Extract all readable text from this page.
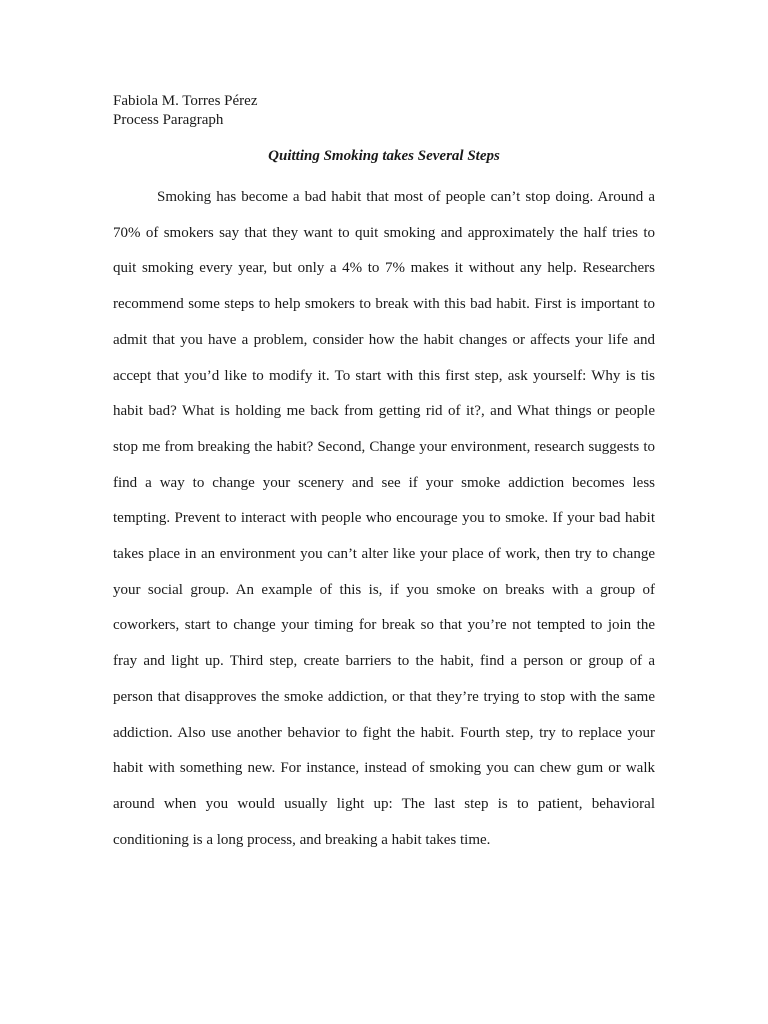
Fabiola M. Torres Pérez
Process Paragraph
Quitting Smoking takes Several Steps

Smoking has become a bad habit that most of people can’t stop doing. Around a 70% of smokers say that they want to quit smoking and approximately the half tries to quit smoking every year, but only a 4% to 7% makes it without any help. Researchers recommend some steps to help smokers to break with this bad habit. First is important to admit that you have a problem, consider how the habit changes or affects your life and accept that you’d like to modify it. To start with this first step, ask yourself: Why is tis habit bad? What is holding me back from getting rid of it?, and What things or people stop me from breaking the habit? Second, Change your environment, research suggests to find a way to change your scenery and see if your smoke addiction becomes less tempting. Prevent to interact with people who encourage you to smoke. If your bad habit takes place in an environment you can’t alter like your place of work, then try to change your social group. An example of this is, if you smoke on breaks with a group of coworkers, start to change your timing for break so that you’re not tempted to join the fray and light up. Third step, create barriers to the habit, find a person or group of a person that disapproves the smoke addiction, or that they’re trying to stop with the same addiction. Also use another behavior to fight the habit. Fourth step, try to replace your habit with something new. For instance, instead of smoking you can chew gum or walk around when you would usually light up: The last step is to patient, behavioral conditioning is a long process, and breaking a habit takes time.
